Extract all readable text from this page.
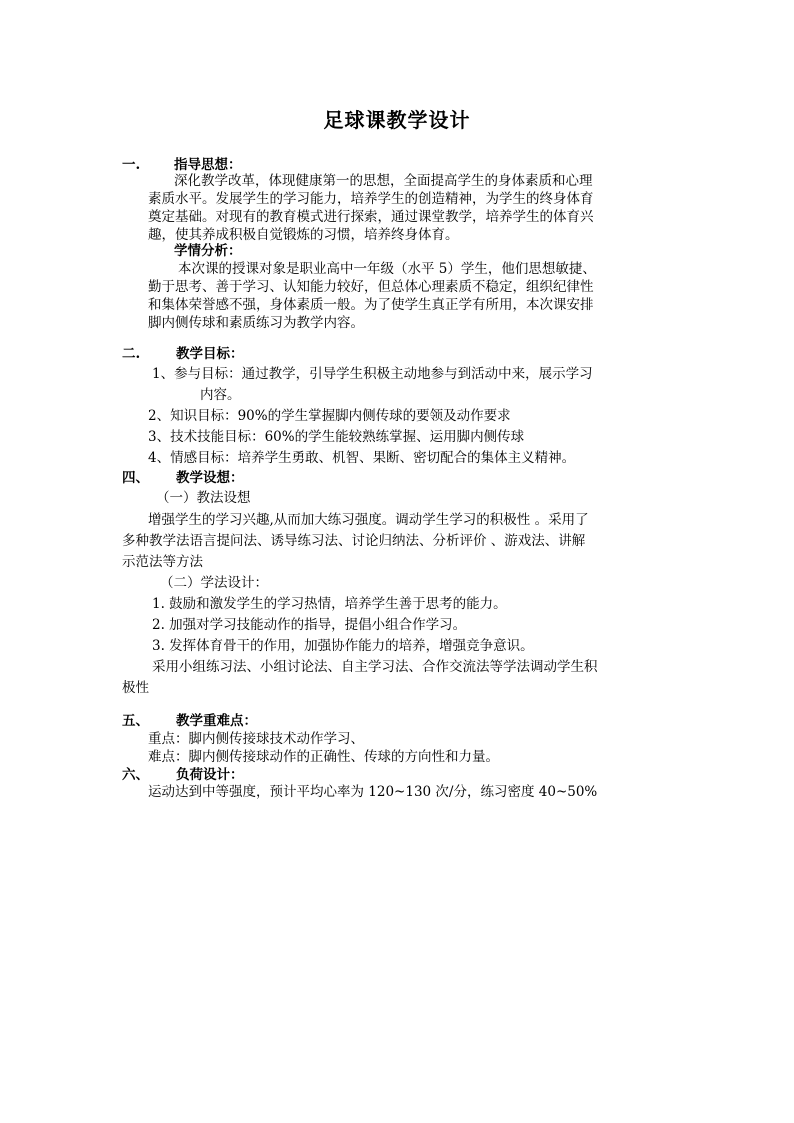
足球课教学设计
一.	指导思想：
深化教学改革，体现健康第一的思想，全面提高学生的身体素质和心理
素质水平。发展学生的学习能力，培养学生的创造精神，为学生的终身体育
奠定基础。对现有的教育模式进行探索，通过课堂教学，培养学生的体育兴
趣，使其养成积极自觉锻炼的习惯，培养终身体育。
学情分析：
本次课的授课对象是职业高中一年级（水平 5）学生，他们思想敏捷、
勤于思考、善于学习、认知能力较好，但总体心理素质不稳定，组织纪律性
和集体荣誉感不强，身体素质一般。为了使学生真正学有所用，本次课安排
脚内侧传球和素质练习为教学内容。
二.	教学目标：
1、参与目标：通过教学，引导学生积极主动地参与到活动中来，展示学习
内容。
2、知识目标：90%的学生掌握脚内侧传球的要领及动作要求
3、技术技能目标：60%的学生能较熟练掌握、运用脚内侧传球
4、情感目标：培养学生勇敢、机智、果断、密切配合的集体主义精神。
四、 教学设想：
（一）教法设想
增强学生的学习兴趣,从而加大练习强度。调动学生学习的积极性 。采用了
多种教学法语言提问法、诱导练习法、讨论归纳法、分析评价 、游戏法、讲解
示范法等方法
（二）学法设计：
1. 鼓励和激发学生的学习热情，培养学生善于思考的能力。
2. 加强对学习技能动作的指导，提倡小组合作学习。
3. 发挥体育骨干的作用，加强协作能力的培养，增强竞争意识。
采用小组练习法、小组讨论法、自主学习法、合作交流法等学法调动学生积
极性
五、 教学重难点：
重点：脚内侧传接球技术动作学习、
难点：脚内侧传接球动作的正确性、传球的方向性和力量。
六、 负荷设计：
运动达到中等强度，预计平均心率为 120~130 次/分，练习密度 40~50%
